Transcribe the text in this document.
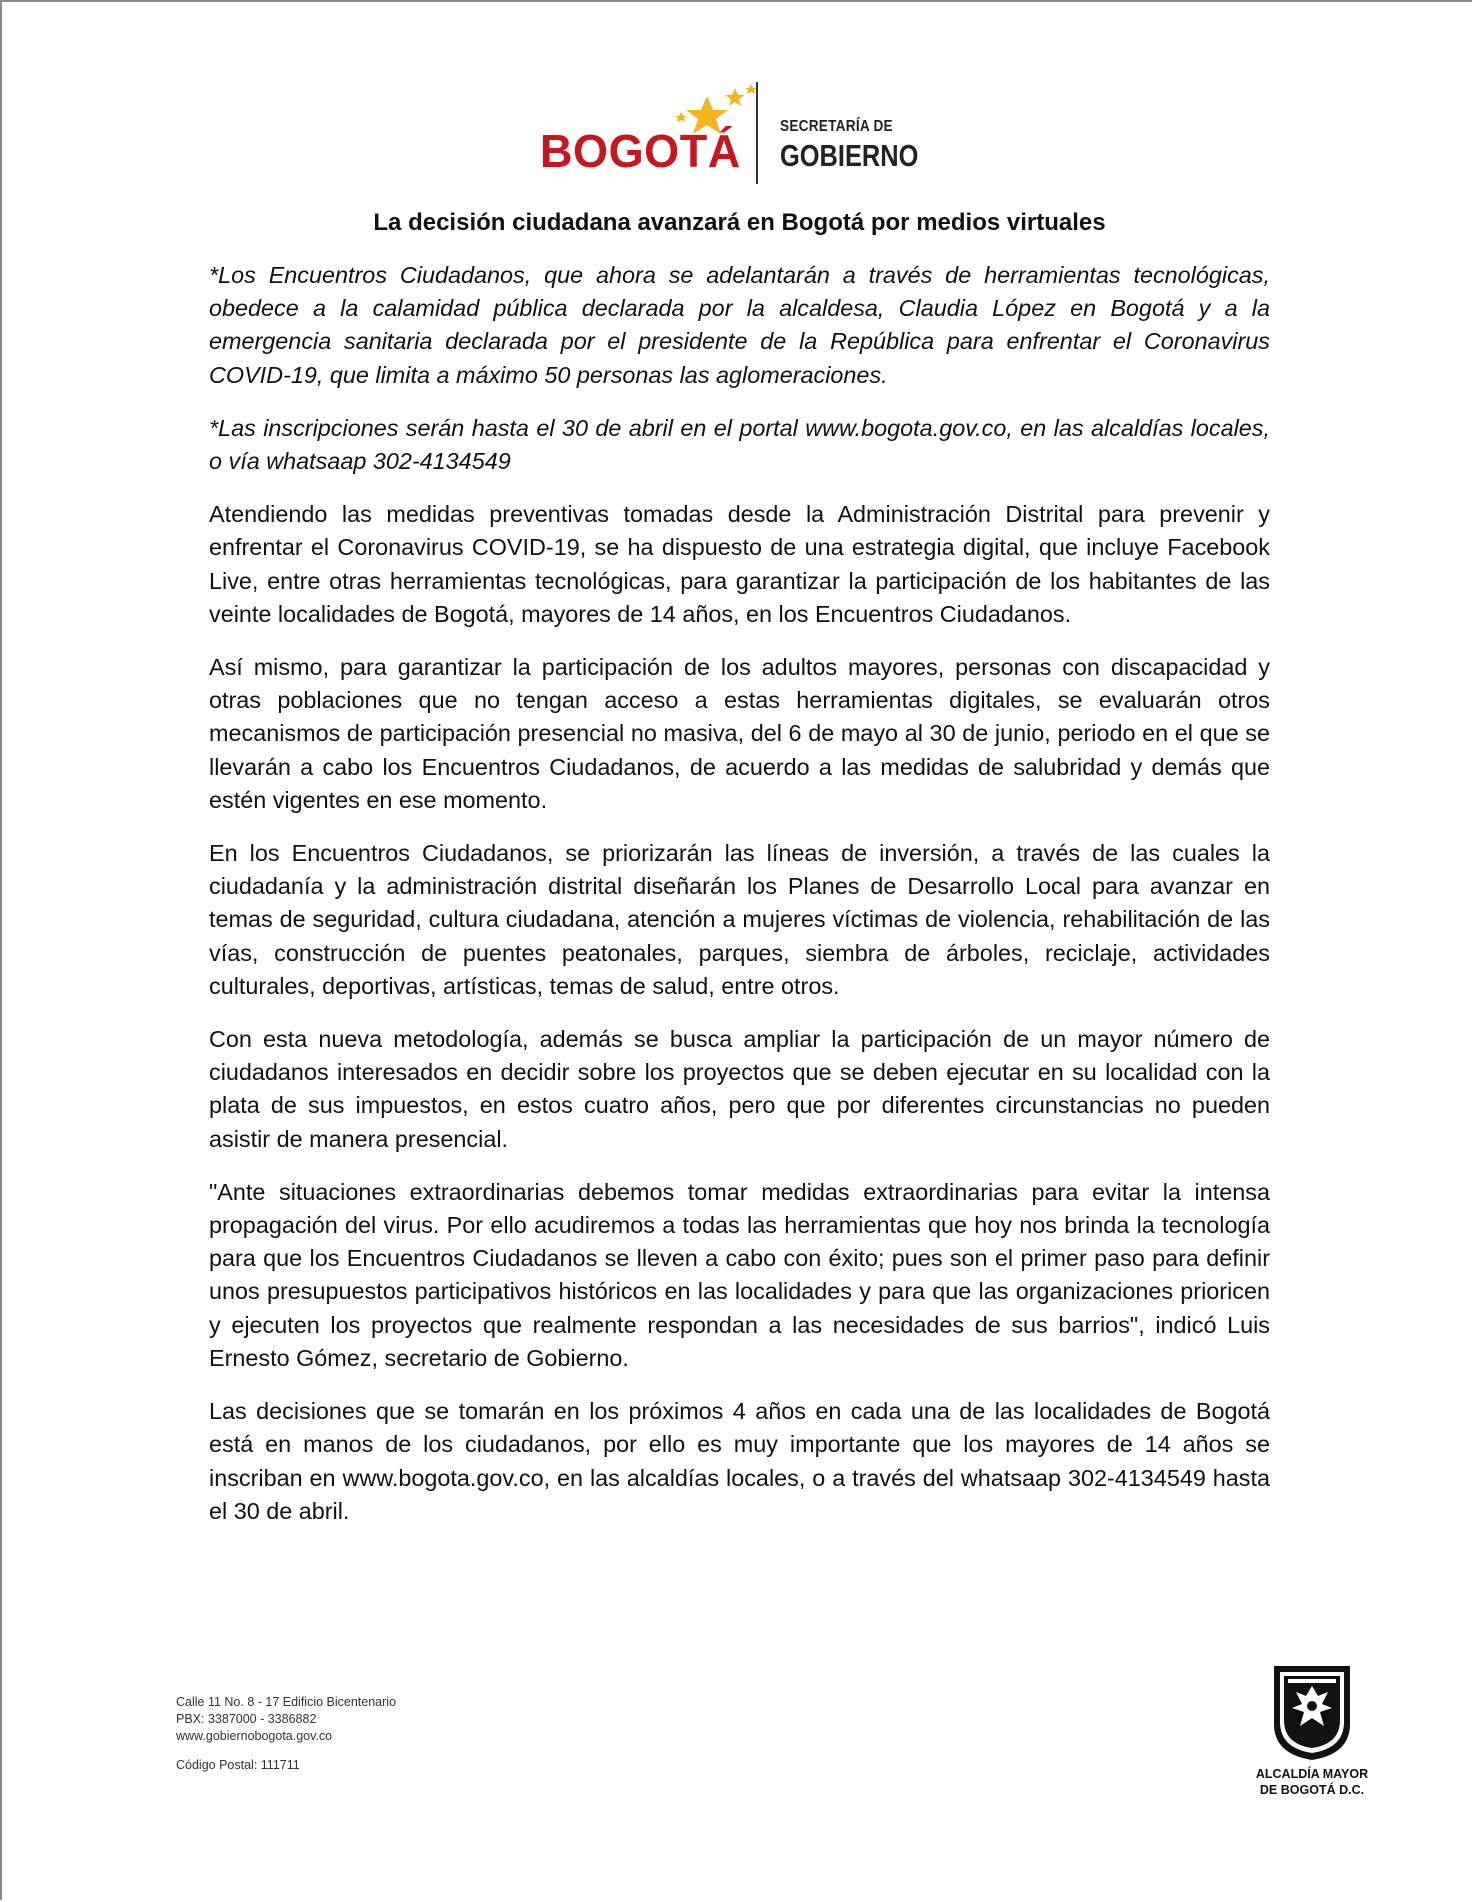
BOGOTÁ SECRETARÍA DE
GOBIERNO
La decisión ciudadana avanzará en Bogotá por medios virtuales

*Los Encuentros Ciudadanos, que ahora se adelantarán a través de herramientas tecnológicas, obedece a la calamidad pública declarada por la alcaldesa, Claudia López en Bogotá y a la emergencia sanitaria declarada por el presidente de la República para enfrentar el Coronavirus COVID-19, que limita a máximo 50 personas las aglomeraciones.

*Las inscripciones serán hasta el 30 de abril en el portal www.bogota.gov.co, en las alcaldías locales, o vía whatsaap 302-4134549

Atendiendo las medidas preventivas tomadas desde la Administración Distrital para prevenir y enfrentar el Coronavirus COVID-19, se ha dispuesto de una estrategia digital, que incluye Facebook Live, entre otras herramientas tecnológicas, para garantizar la participación de los habitantes de las veinte localidades de Bogotá, mayores de 14 años, en los Encuentros Ciudadanos.

Así mismo, para garantizar la participación de los adultos mayores, personas con discapacidad y otras poblaciones que no tengan acceso a estas herramientas digitales, se evaluarán otros mecanismos de participación presencial no masiva, del 6 de mayo al 30 de junio, periodo en el que se llevarán a cabo los Encuentros Ciudadanos, de acuerdo a las medidas de salubridad y demás que estén vigentes en ese momento.

En los Encuentros Ciudadanos, se priorizarán las líneas de inversión, a través de las cuales la ciudadanía y la administración distrital diseñarán los Planes de Desarrollo Local para avanzar en temas de seguridad, cultura ciudadana, atención a mujeres víctimas de violencia, rehabilitación de las vías, construcción de puentes peatonales, parques, siembra de árboles, reciclaje, actividades culturales, deportivas, artísticas, temas de salud, entre otros.

Con esta nueva metodología, además se busca ampliar la participación de un mayor número de ciudadanos interesados en decidir sobre los proyectos que se deben ejecutar en su localidad con la plata de sus impuestos, en estos cuatro años, pero que por diferentes circunstancias no pueden asistir de manera presencial.

"Ante situaciones extraordinarias debemos tomar medidas extraordinarias para evitar la intensa propagación del virus. Por ello acudiremos a todas las herramientas que hoy nos brinda la tecnología para que los Encuentros Ciudadanos se lleven a cabo con éxito; pues son el primer paso para definir unos presupuestos participativos históricos en las localidades y para que las organizaciones prioricen y ejecuten los proyectos que realmente respondan a las necesidades de sus barrios", indicó Luis Ernesto Gómez, secretario de Gobierno.

Las decisiones que se tomarán en los próximos 4 años en cada una de las localidades de Bogotá está en manos de los ciudadanos, por ello es muy importante que los mayores de 14 años se inscriban en www.bogota.gov.co, en las alcaldías locales, o a través del whatsaap 302-4134549 hasta el 30 de abril.

Calle 11 No. 8 - 17 Edificio Bicentenario
PBX: 3387000 - 3386882
www.gobiernobogota.gov.co
Código Postal: 111711
ALCALDÍA MAYOR
DE BOGOTÁ D.C.
